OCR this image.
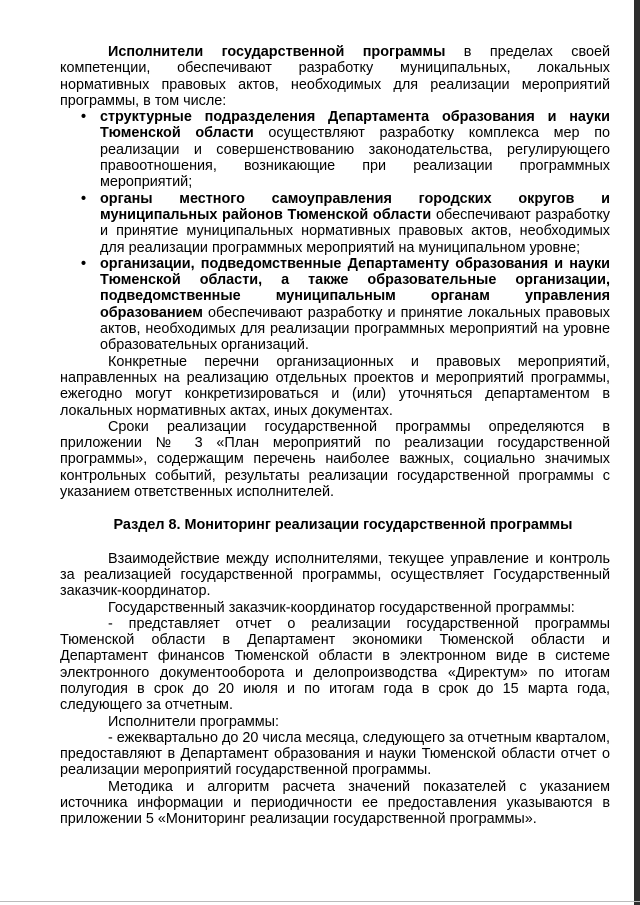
Исполнители государственной программы в пределах своей компетенции, обеспечивают разработку муниципальных, локальных нормативных правовых актов, необходимых для реализации мероприятий программы, в том числе:

• структурные подразделения Департамента образования и науки Тюменской области осуществляют разработку комплекса мер по реализации и совершенствованию законодательства, регулирующего правоотношения, возникающие при реализации программных мероприятий;
• органы местного самоуправления городских округов и муниципальных районов Тюменской области обеспечивают разработку и принятие муниципальных нормативных правовых актов, необходимых для реализации программных мероприятий на муниципальном уровне;
• организации, подведомственные Департаменту образования и науки Тюменской области, а также образовательные организации, подведомственные муниципальным органам управления образованием обеспечивают разработку и принятие локальных правовых актов, необходимых для реализации программных мероприятий на уровне образовательных организаций.

Конкретные перечни организационных и правовых мероприятий, направленных на реализацию отдельных проектов и мероприятий программы, ежегодно могут конкретизироваться и (или) уточняться департаментом в локальных нормативных актах, иных документах.

Сроки реализации государственной программы определяются в приложении № 3 «План мероприятий по реализации государственной программы», содержащим перечень наиболее важных, социально значимых контрольных событий, результаты реализации государственной программы с указанием ответственных исполнителей.

Раздел 8. Мониторинг реализации государственной программы

Взаимодействие между исполнителями, текущее управление и контроль за реализацией государственной программы, осуществляет Государственный заказчик-координатор.

Государственный заказчик-координатор государственной программы:

- представляет отчет о реализации государственной программы Тюменской области в Департамент экономики Тюменской области и Департамент финансов Тюменской области в электронном виде в системе электронного документооборота и делопроизводства «Директум» по итогам полугодия в срок до 20 июля и по итогам года в срок до 15 марта года, следующего за отчетным.

Исполнители программы:

- ежеквартально до 20 числа месяца, следующего за отчетным кварталом, предоставляют в Департамент образования и науки Тюменской области отчет о реализации мероприятий государственной программы.

Методика и алгоритм расчета значений показателей с указанием источника информации и периодичности ее предоставления указываются в приложении 5 «Мониторинг реализации государственной программы».
